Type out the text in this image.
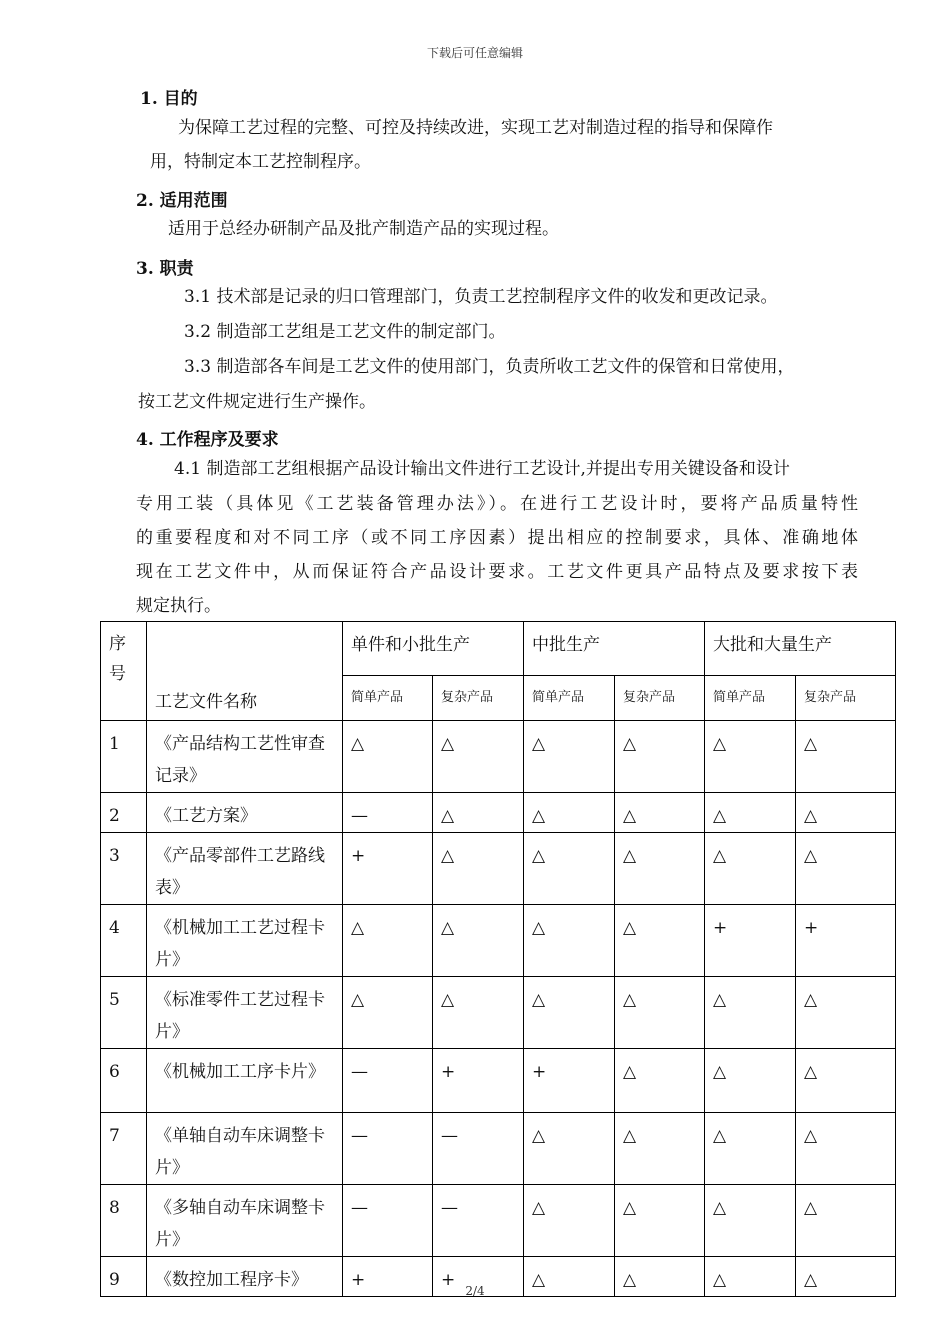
下载后可任意编辑
1. 目的
为保障工艺过程的完整、可控及持续改进，实现工艺对制造过程的指导和保障作
用，特制定本工艺控制程序。
2. 适用范围
适用于总经办研制产品及批产制造产品的实现过程。
3. 职责
3.1 技术部是记录的归口管理部门，负责工艺控制程序文件的收发和更改记录。
3.2 制造部工艺组是工艺文件的制定部门。
3.3 制造部各车间是工艺文件的使用部门，负责所收工艺文件的保管和日常使用，
按工艺文件规定进行生产操作。
4. 工作程序及要求
4.1 制造部工艺组根据产品设计输出文件进行工艺设计,并提出专用关键设备和设计
专用工装（具体见《工艺装备管理办法》）。在进行工艺设计时，要将产品质量特性
的重要程度和对不同工序（或不同工序因素）提出相应的控制要求，具体、准确地体
现在工艺文件中，从而保证符合产品设计要求。工艺文件更具产品特点及要求按下表
规定执行。
序号	工艺文件名称	单件和小批生产		中批生产		大批和大量生产	

		简单产品	复杂产品	简单产品	复杂产品	简单产品	复杂产品

1	《产品结构工艺性审查记录》	△	△	△	△	△	△

2	《工艺方案》	—	△	△	△	△	△

3	《产品零部件工艺路线表》	+	△	△	△	△	△

4	《机械加工工艺过程卡片》	△	△	△	△	+	+

5	《标准零件工艺过程卡片》	△	△	△	△	△	△

6	《机械加工工序卡片》	—	+	+	△	△	△

7	《单轴自动车床调整卡片》	—	—	△	△	△	△

8	《多轴自动车床调整卡片》	—	—	△	△	△	△

9	《数控加工程序卡》	+	+	△	△	△	△
2/4
